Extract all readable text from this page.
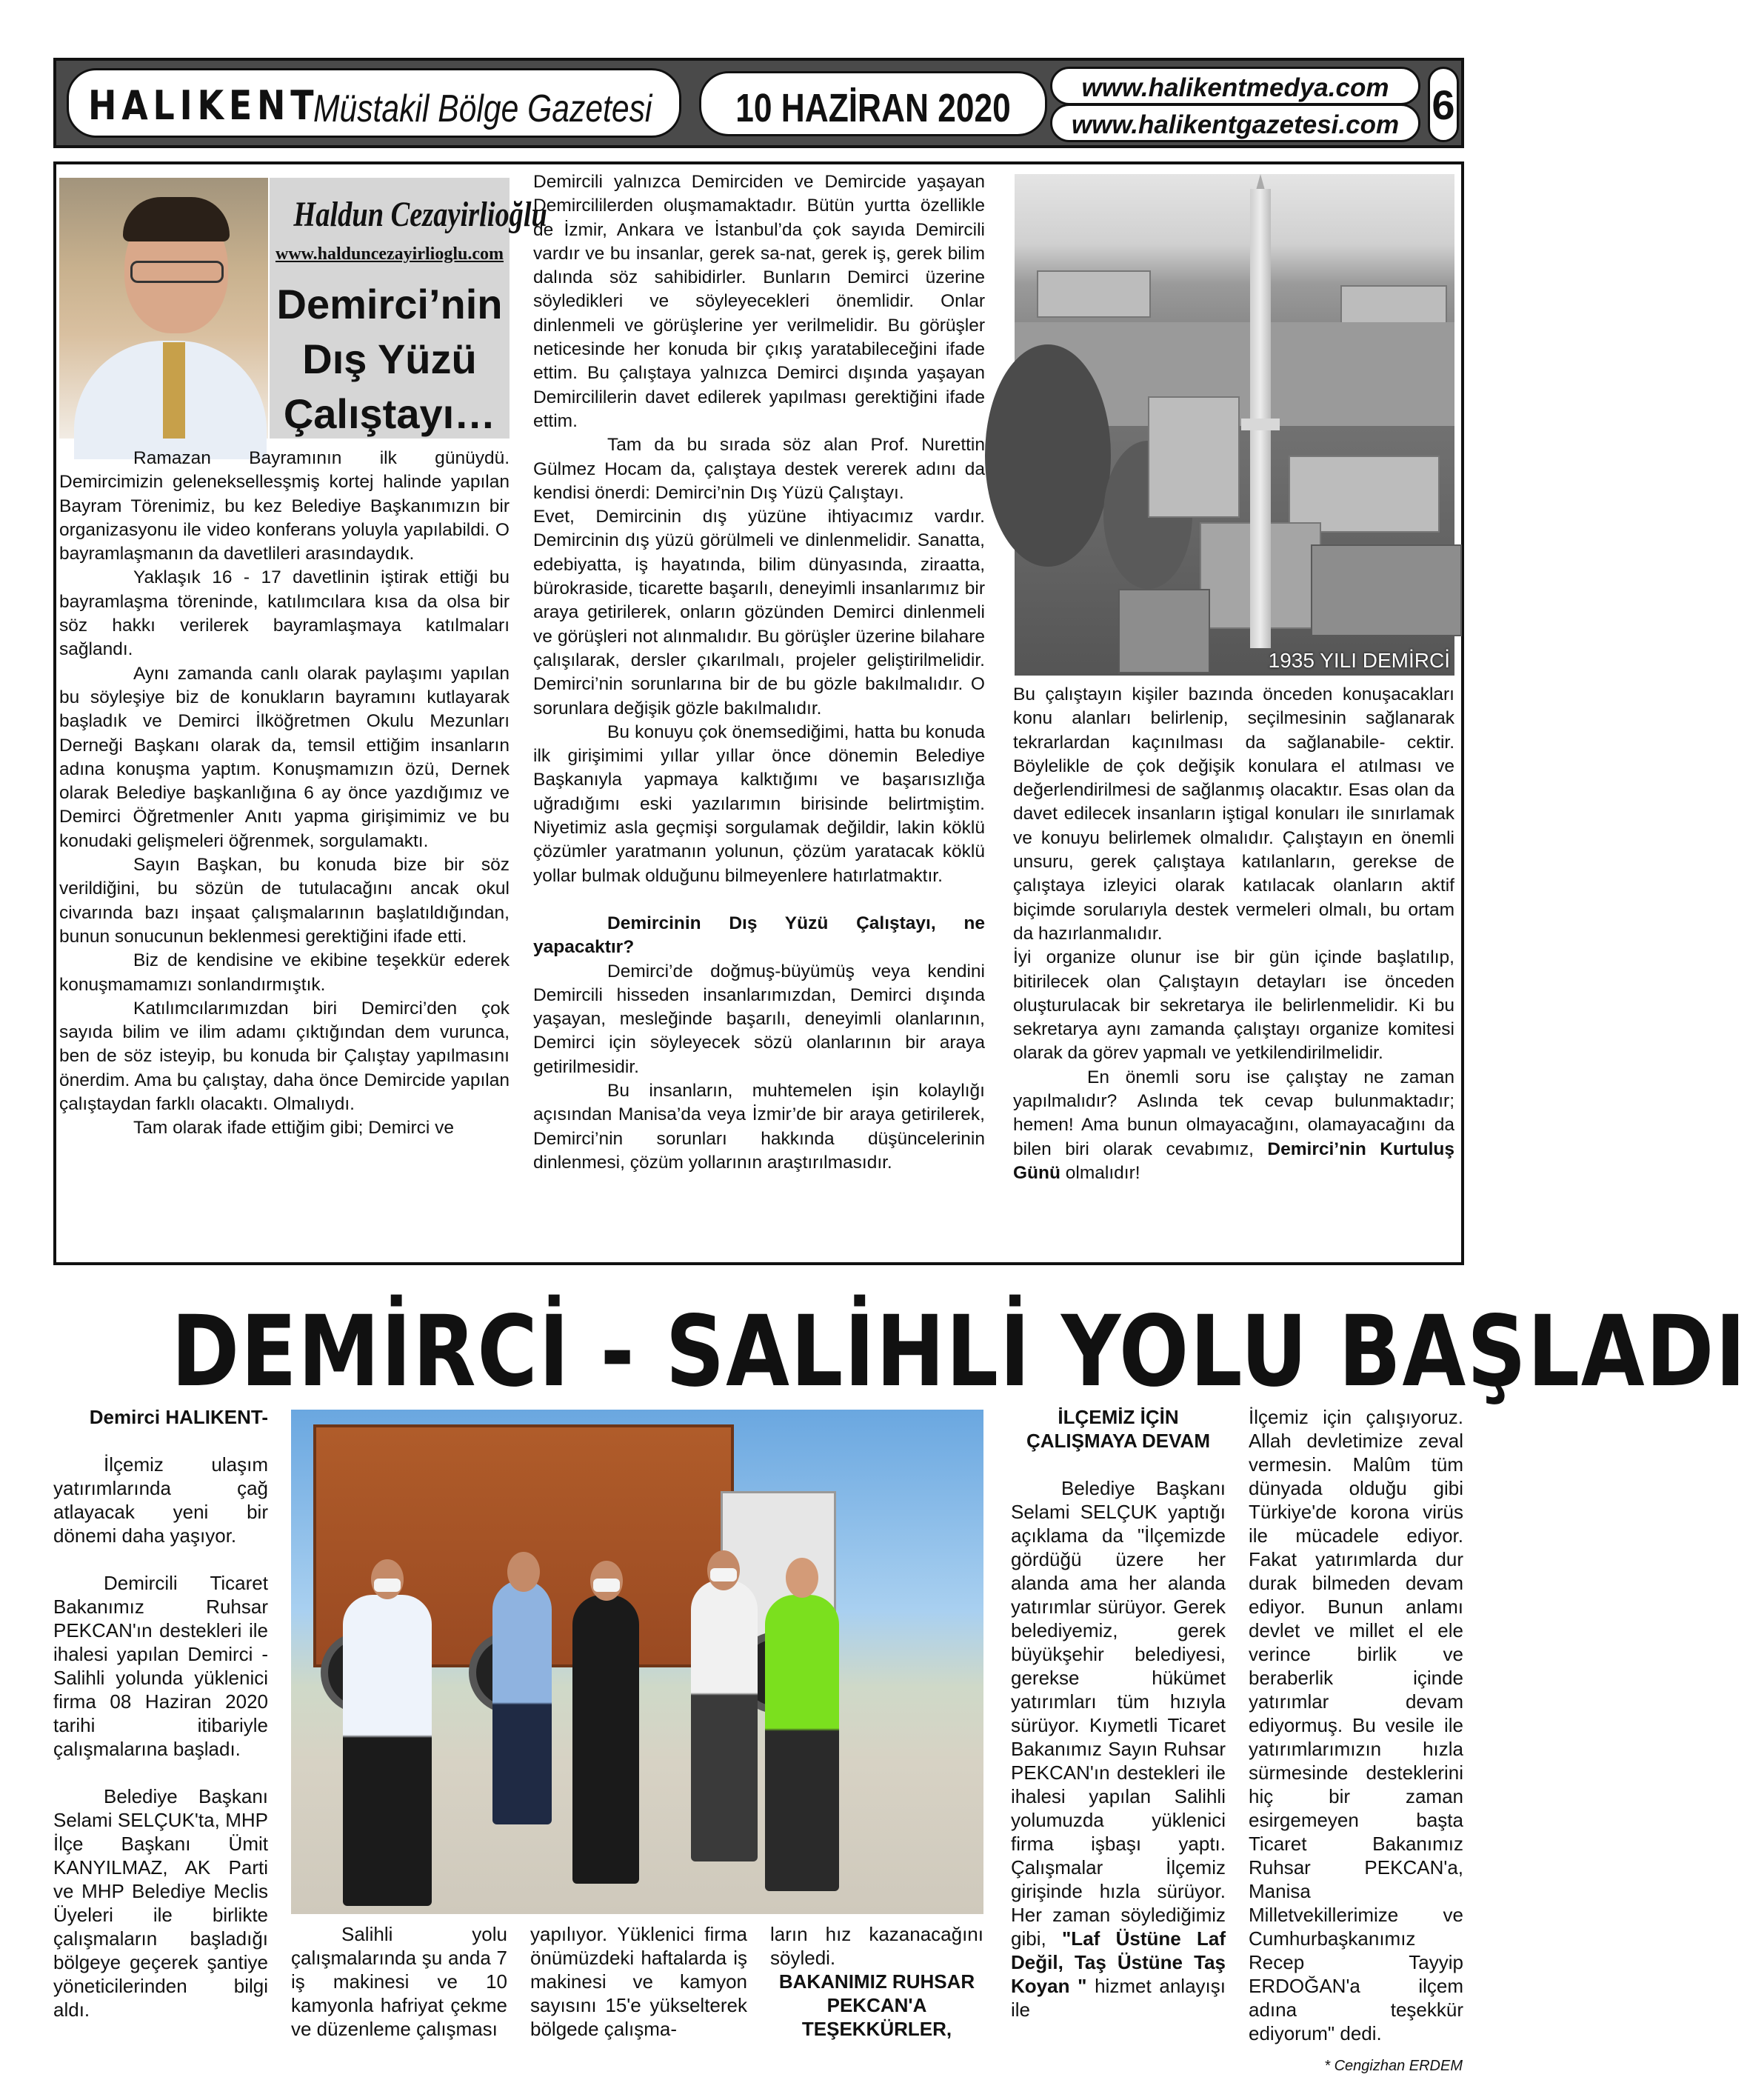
HALIKENT
Müstakil Bölge Gazetesi 10 HAZİRAN 2020	www.halikentmedya.com
www.halikentgazetesi.com 6
Haldun Cezayirlioğlu
www.halduncezayirlioglu.com
Demirci’nin Dış Yüzü Çalıştayı…

Ramazan Bayramının ilk günüydü. Demircimizin geleneksellesşmiş kortej halinde yapılan Bayram Törenimiz, bu kez Belediye Başkanımızın bir organizasyonu ile video konferans yoluyla yapılabildi. O bayramlaşmanın da davetlileri arasındaydık.

Yaklaşık 16 - 17 davetlinin iştirak ettiği bu bayramlaşma töreninde, katılımcılara kısa da olsa bir söz hakkı verilerek bayramlaşmaya katılmaları sağlandı.

Aynı zamanda canlı olarak paylaşımı yapılan bu söyleşiye biz de konukların bayramını kutlayarak başladık ve Demirci İlköğretmen Okulu Mezunları Derneği Başkanı olarak da, temsil ettiğim insanların adına konuşma yaptım. Konuşmamızın özü, Dernek olarak Belediye başkanlığına 6 ay önce yazdığımız ve Demirci Öğretmenler Anıtı yapma girişimimiz ve bu konudaki gelişmeleri öğrenmek, sorgulamaktı.

Sayın Başkan, bu konuda bize bir söz verildiğini, bu sözün de tutulacağını ancak okul civarında bazı inşaat çalışmalarının başlatıldığından, bunun sonucunun beklenmesi gerektiğini ifade etti.

Biz de kendisine ve ekibine teşekkür ederek konuşmamamızı sonlandırmıştık.

Katılımcılarımızdan biri Demirci’den çok sayıda bilim ve ilim adamı çıktığından dem vurunca, ben de söz isteyip, bu konuda bir Çalıştay yapılmasını önerdim. Ama bu çalıştay, daha önce Demircide yapılan çalıştaydan farklı olacaktı. Olmalıydı.

Tam olarak ifade ettiğim gibi; Demirci ve

Demircili yalnızca Demirciden ve Demircide yaşayan Demircililerden oluşmamaktadır. Bütün yurtta özellikle de İzmir, Ankara ve İstanbul’da çok sayıda Demircili vardır ve bu insanlar, gerek sa-nat, gerek iş, gerek bilim dalında söz sahibidirler. Bunların Demirci üzerine söyledikleri ve söyleyecekleri önemlidir. Onlar dinlenmeli ve görüşlerine yer verilmelidir. Bu görüşler neticesinde her konuda bir çıkış yaratabileceğini ifade ettim. Bu çalıştaya yalnızca Demirci dışında yaşayan Demircililerin davet edilerek yapılması gerektiğini ifade ettim.

Tam da bu sırada söz alan Prof. Nurettin Gülmez Hocam da, çalıştaya destek vererek adını da kendisi önerdi: Demirci’nin Dış Yüzü Çalıştayı.

Evet, Demircinin dış yüzüne ihtiyacımız vardır. Demircinin dış yüzü görülmeli ve dinlenmelidir. Sanatta, edebiyatta, iş hayatında, bilim dünyasında, ziraatta, bürokraside, ticarette başarılı, deneyimli insanlarımız bir araya getirilerek, onların gözünden Demirci dinlenmeli ve görüşleri not alınmalıdır. Bu görüşler üzerine bilahare çalışılarak, dersler çıkarılmalı, projeler geliştirilmelidir. Demirci’nin sorunlarına bir de bu gözle bakılmalıdır. O sorunlara değişik gözle bakılmalıdır.

Bu konuyu çok önemsediğimi, hatta bu konuda ilk girişimimi yıllar yıllar önce dönemin Belediye Başkanıyla yapmaya kalktığımı ve başarısızlığa uğradığımı eski yazılarımın birisinde belirtmiştim. Niyetimiz asla geçmişi sorgulamak değildir, lakin köklü çözümler yaratmanın yolunun, çözüm yaratacak köklü yollar bulmak olduğunu bilmeyenlere hatırlatmaktır.

Demircinin Dış Yüzü Çalıştayı, ne yapacaktır?

Demirci’de doğmuş-büyümüş veya kendini Demircili hisseden insanlarımızdan, Demirci dışında yaşayan, mesleğinde başarılı, deneyimli olanlarının, Demirci için söyleyecek sözü olanlarının bir araya getirilmesidir.

Bu insanların, muhtemelen işin kolaylığı açısından Manisa’da veya İzmir’de bir araya getirilerek, Demirci’nin sorunları hakkında düşüncelerinin dinlenmesi, çözüm yollarının araştırılmasıdır.

1935 YILI DEMİRCİ

Bu çalıştayın kişiler bazında önceden konuşacakları konu alanları belirlenip, seçilmesinin sağlanarak tekrarlardan kaçınılması da sağlanabile- cektir. Böylelikle de çok değişik konulara el atılması ve değerlendirilmesi de sağlanmış olacaktır. Esas olan da davet edilecek insanların iştigal konuları ile sınırlamak ve konuyu belirlemek olmalıdır. Çalıştayın en önemli unsuru, gerek çalıştaya katılanların, gerekse de çalıştaya izleyici olarak katılacak olanların aktif biçimde sorularıyla destek vermeleri olmalı, bu ortam da hazırlanmalıdır.

İyi organize olunur ise bir gün içinde başlatılıp, bitirilecek olan Çalıştayın detayları ise önceden oluşturulacak bir sekretarya ile belirlenmelidir. Ki bu sekretarya aynı zamanda çalıştayı organize komitesi olarak da görev yapmalı ve yetkilendirilmelidir.

En önemli soru ise çalıştay ne zaman yapılmalıdır? Aslında tek cevap bulunmaktadır; hemen! Ama bunun olmayacağını, olamayacağını da bilen biri olarak cevabımız, Demirci’nin Kurtuluş Günü olmalıdır!

DEMİRCİ - SALİHLİ YOLU BAŞLADI

Demirci HALIKENT-

İlçemiz ulaşım yatırımlarında çağ atlayacak yeni bir dönemi daha yaşıyor.

Demircili Ticaret Bakanımız Ruhsar PEKCAN'ın destekleri ile ihalesi yapılan Demirci - Salihli yolunda yüklenici firma 08 Haziran 2020 tarihi itibariyle çalışmalarına başladı.

Belediye Başkanı Selami SELÇUK'ta, MHP İlçe Başkanı Ümit KANYILMAZ, AK Parti ve MHP Belediye Meclis Üyeleri ile birlikte çalışmaların başladığı bölgeye geçerek şantiye yöneticilerinden bilgi aldı.

Salihli yolu çalışmalarında şu anda 7 iş makinesi ve 10 kamyonla hafriyat çekme ve düzenleme çalışması

yapılıyor. Yüklenici firma önümüzdeki haftalarda iş makinesi ve kamyon sayısını 15'e yükselterek bölgede çalışma-

ların hız kazanacağını söyledi.

BAKANIMIZ RUHSAR PEKCAN'A TEŞEKKÜRLER,

İLÇEMİZ İÇİN ÇALIŞMAYA DEVAM

Belediye Başkanı Selami SELÇUK yaptığı açıklama da "İlçemizde gördüğü üzere her alanda ama her alanda yatırımlar sürüyor. Gerek belediyemiz, gerek büyükşehir belediyesi, gerekse hükümet yatırımları tüm hızıyla sürüyor. Kıymetli Ticaret Bakanımız Sayın Ruhsar PEKCAN'ın destekleri ile ihalesi yapılan Salihli yolumuzda yüklenici firma işbaşı yaptı. Çalışmalar İlçemiz girişinde hızla sürüyor. Her zaman söylediğimiz gibi, "Laf Üstüne Laf Değil, Taş Üstüne Taş Koyan " hizmet anlayışı ile

İlçemiz için çalışıyoruz. Allah devletimize zeval vermesin. Malûm tüm dünyada olduğu gibi Türkiye'de korona virüs ile mücadele ediyor. Fakat yatırımlarda dur durak bilmeden devam ediyor. Bunun anlamı devlet ve millet el ele verince birlik ve beraberlik içinde yatırımlar devam ediyormuş. Bu vesile ile yatırımlarımızın hızla sürmesinde desteklerini hiç bir zaman esirgemeyen başta Ticaret Bakanımız Ruhsar PEKCAN'a, Manisa Milletvekillerimize ve Cumhurbaşkanımız Recep Tayyip ERDOĞAN'a ilçem adına teşekkür ediyorum" dedi.

* Cengizhan ERDEM
